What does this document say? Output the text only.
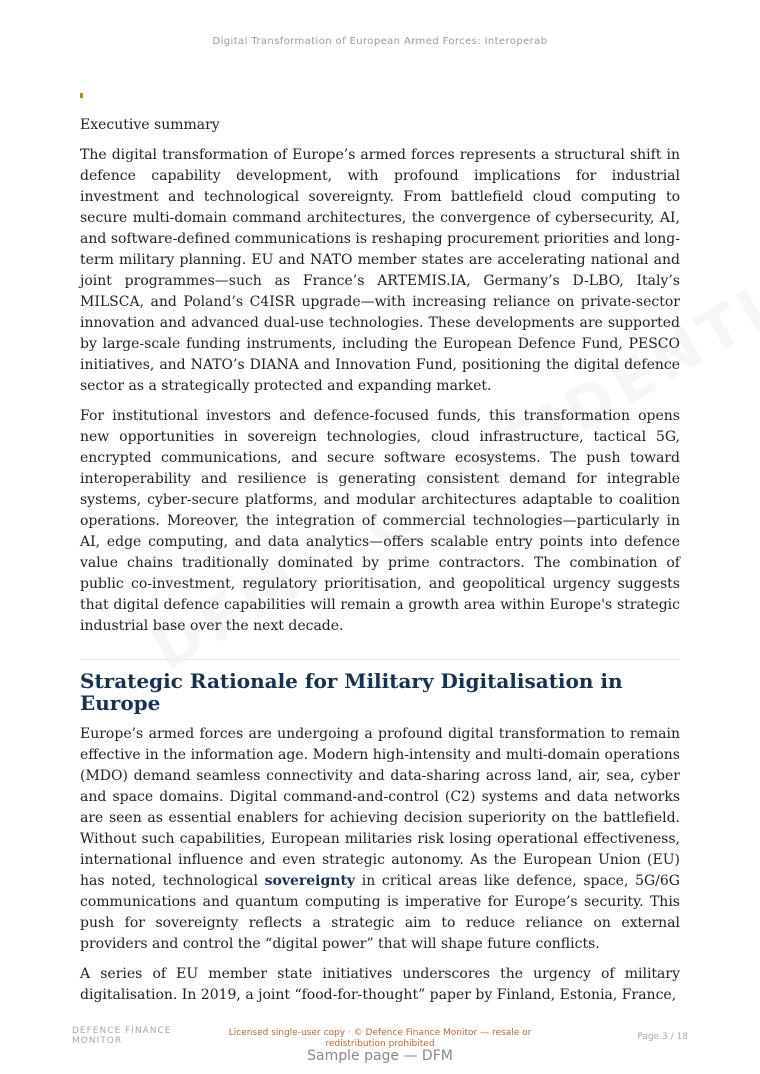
Digital Transformation of European Armed Forces: Interoperab
Executive summary

The digital transformation of Europe’s armed forces represents a structural shift in defence capability development, with profound implications for industrial investment and technological sovereignty. From battlefield cloud computing to secure multi-domain command architectures, the convergence of cybersecurity, AI, and software-defined communications is reshaping procurement priorities and long-term military planning. EU and NATO member states are accelerating national and joint programmes—such as France’s ARTEMIS.IA, Germany’s D-LBO, Italy’s MILSCA, and Poland’s C4ISR upgrade—with increasing reliance on private-sector innovation and advanced dual-use technologies. These developments are supported by large-scale funding instruments, including the European Defence Fund, PESCO initiatives, and NATO’s DIANA and Innovation Fund, positioning the digital defence sector as a strategically protected and expanding market.

For institutional investors and defence-focused funds, this transformation opens new opportunities in sovereign technologies, cloud infrastructure, tactical 5G, encrypted communications, and secure software ecosystems. The push toward interoperability and resilience is generating consistent demand for integrable systems, cyber-secure platforms, and modular architectures adaptable to coalition operations. Moreover, the integration of commercial technologies—particularly in AI, edge computing, and data analytics—offers scalable entry points into defence value chains traditionally dominated by prime contractors. The combination of public co-investment, regulatory prioritisation, and geopolitical urgency suggests that digital defence capabilities will remain a growth area within Europe's strategic industrial base over the next decade.

Strategic Rationale for Military Digitalisation in Europe

Europe’s armed forces are undergoing a profound digital transformation to remain effective in the information age. Modern high-intensity and multi-domain operations (MDO) demand seamless connectivity and data-sharing across land, air, sea, cyber and space domains. Digital command-and-control (C2) systems and data networks are seen as essential enablers for achieving decision superiority on the battlefield. Without such capabilities, European militaries risk losing operational effectiveness, international influence and even strategic autonomy. As the European Union (EU) has noted, technological sovereignty in critical areas like defence, space, 5G/6G communications and quantum computing is imperative for Europe’s security. This push for sovereignty reflects a strategic aim to reduce reliance on external providers and control the “digital power” that will shape future conflicts.

A series of EU member state initiatives underscores the urgency of military digitalisation. In 2019, a joint “food-for-thought” paper by Finland, Estonia, France,

DEFENCE FINANCE MONITOR
Licensed single-user copy · © Defence Finance Monitor — resale or redistribution prohibited
Page 3 / 18
Sample page — DFM
